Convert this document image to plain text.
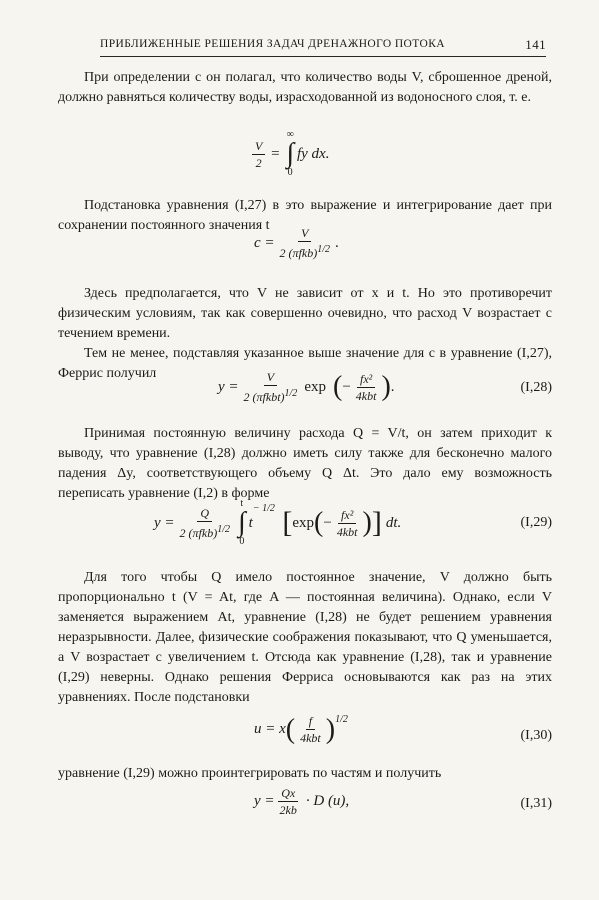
ПРИБЛИЖЕННЫЕ РЕШЕНИЯ ЗАДАЧ ДРЕНАЖНОГО ПОТОКА	141

При определении c он полагал, что количество воды V, сброшенное дреной, должно равняться количеству воды, израсходованной из водоносного слоя, т. е.

$\frac{V}{2}$ =
∞
∫
0
fy dx.

Подстановка уравнения (I,27) в это выражение и интегрирование дает при сохранении постоянного значения t

$c = \frac{V}{2 (\pi fkb)^{1/2}}$ .

Здесь предполагается, что V не зависит от x и t. Но это противоречит физическим условиям, так как совершенно очевидно, что расход V возрастает с течением времени.

Тем не менее, подставляя указанное выше значение для c в уравнение (I,27), Феррис получил

$y = \frac{V}{2 (\pi fkbt)^{1/2}}$ exp ( − $\frac{\text{fx²}}{\text{4kbt}}$ ) .	(I,28)

Принимая постоянную величину расхода Q = V/t, он затем приходит к выводу, что уравнение (I,28) должно иметь силу также для бесконечно малого падения Δy, соответствующего объему Q Δt. Это дало ему возможность переписать уравнение (I,2) в форме

$y = \frac{Q}{2 (\pi fkb)^{1/2}}$
t
∫
0
t
− 1/2 [ exp ( − $\frac{\text{fx²}}{\text{4kbt}}$ ) ] dt.	(I,29)

Для того чтобы Q имело постоянное значение, V должно быть пропорционально t (V = At, где A — постоянная величина). Однако, если V заменяется выражением At, уравнение (I,28) не будет решением уравнения неразрывности. Далее, физические соображения показывают, что Q уменьшается, а V возрастает с увеличением t. Отсюда как уравнение (I,28), так и уравнение (I,29) неверны. Однако решения Ферриса основываются как раз на этих уравнениях. После подстановки

u = x ( $\frac{f}{\text{4kbt}} )^{1/2}$
(I,30)

уравнение (I,29) можно проинтегрировать по частям и получить

$y = \frac{Qx}{2kb} \cdot D$ (u),	(I,31)
